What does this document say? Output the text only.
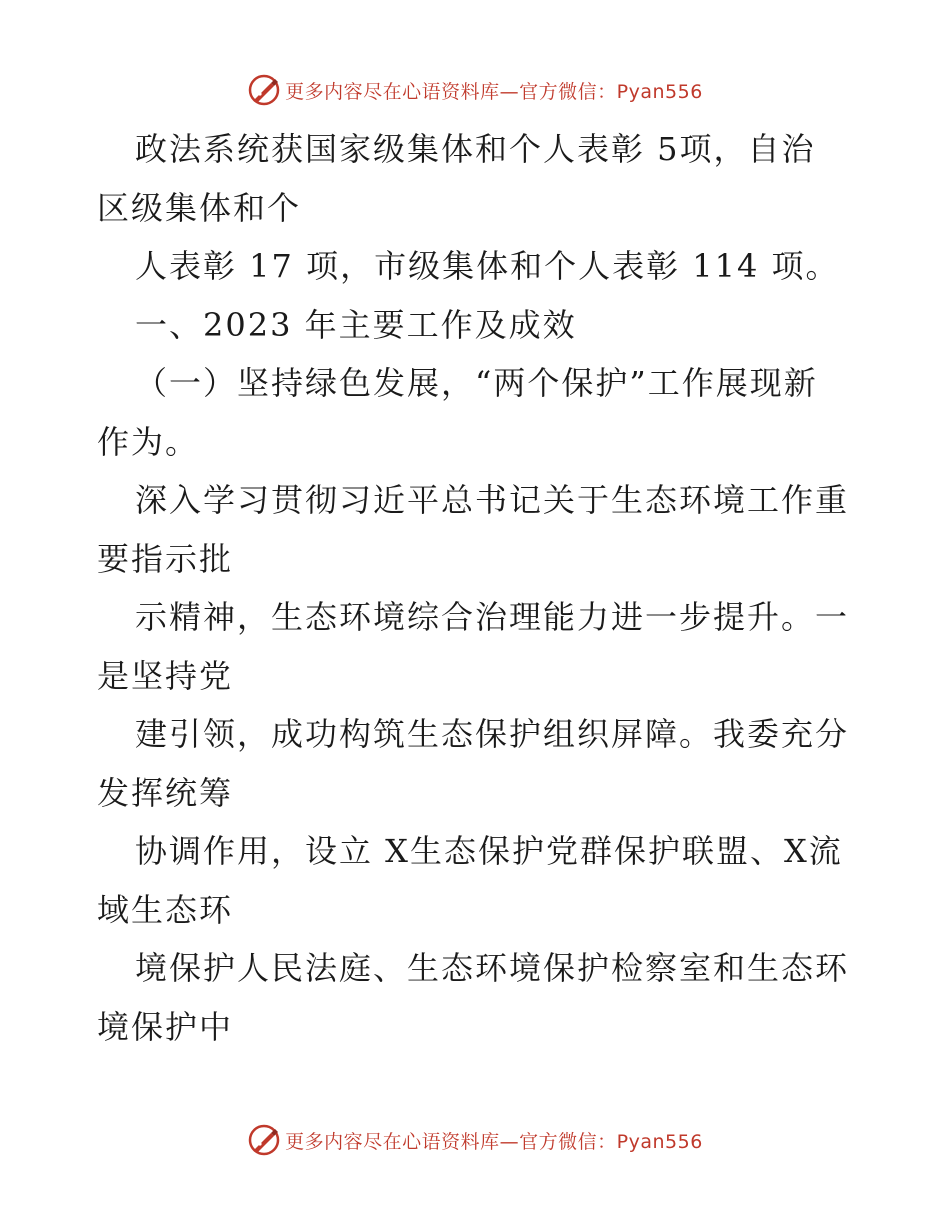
更多内容尽在心语资料库—官方微信：Pyan556
政法系统获国家级集体和个人表彰 5项，自治
区级集体和个
人表彰 17 项，市级集体和个人表彰 114 项。
一、2023 年主要工作及成效
（一）坚持绿色发展，“两个保护”工作展现新
作为。
深入学习贯彻习近平总书记关于生态环境工作重
要指示批
示精神，生态环境综合治理能力进一步提升。一
是坚持党
建引领，成功构筑生态保护组织屏障。我委充分
发挥统筹
协调作用，设立 X生态保护党群保护联盟、X流
域生态环
境保护人民法庭、生态环境保护检察室和生态环
境保护中
更多内容尽在心语资料库—官方微信：Pyan556
